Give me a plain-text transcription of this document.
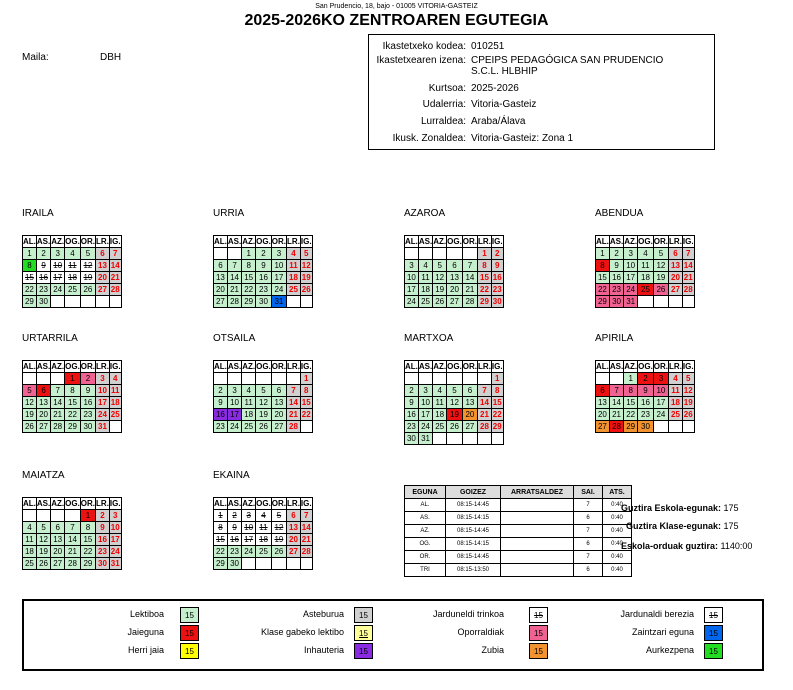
San Prudencio, 18, bajo - 01005 VITORIA-GASTEIZ
2025-2026KO ZENTROAREN EGUTEGIA
Maila:	DBH
Ikastetxeko kodea: 010251
Ikastetxearen izena: CPEIPS PEDAGÓGICA SAN PRUDENCIO
S.C.L. HLBHIP
Kurtsoa: 2025-2026
Udalerria: Vitoria-Gasteiz
Lurraldea: Araba/Álava
Ikusk. Zonaldea: Vitoria-Gasteiz: Zona 1
IRAILA
AL.	AS.	AZ.	OG.	OR.	LR.	IG.
1	2	3	4	5	6	7
8	9	10	11	12	13	14
15	16	17	18	19	20	21
22	23	24	25	26	27	28
29	30					
URRIA
AL.	AS.	AZ.	OG.	OR.	LR.	IG.
		1	2	3	4	5
6	7	8	9	10	11	12
13	14	15	16	17	18	19
20	21	22	23	24	25	26
27	28	29	30	31		
AZAROA
AL.	AS.	AZ.	OG.	OR.	LR.	IG.
					1	2
3	4	5	6	7	8	9
10	11	12	13	14	15	16
17	18	19	20	21	22	23
24	25	26	27	28	29	30
ABENDUA
AL.	AS.	AZ.	OG.	OR.	LR.	IG.
1	2	3	4	5	6	7
8	9	10	11	12	13	14
15	16	17	18	19	20	21
22	23	24	25	26	27	28
29	30	31				
URTARRILA
AL.	AS.	AZ.	OG.	OR.	LR.	IG.
			1	2	3	4
5	6	7	8	9	10	11
12	13	14	15	16	17	18
19	20	21	22	23	24	25
26	27	28	29	30	31	
OTSAILA
AL.	AS.	AZ.	OG.	OR.	LR.	IG.
						1
2	3	4	5	6	7	8
9	10	11	12	13	14	15
16	17	18	19	20	21	22
23	24	25	26	27	28	
MARTXOA
AL.	AS.	AZ.	OG.	OR.	LR.	IG.
						1
2	3	4	5	6	7	8
9	10	11	12	13	14	15
16	17	18	19	20	21	22
23	24	25	26	27	28	29
30	31					
APIRILA
AL.	AS.	AZ.	OG.	OR.	LR.	IG.
		1	2	3	4	5
6	7	8	9	10	11	12
13	14	15	16	17	18	19
20	21	22	23	24	25	26
27	28	29	30			
MAIATZA
AL.	AS.	AZ.	OG.	OR.	LR.	IG.
				1	2	3
4	5	6	7	8	9	10
11	12	13	14	15	16	17
18	19	20	21	22	23	24
25	26	27	28	29	30	31
EKAINA
AL.	AS.	AZ.	OG.	OR.	LR.	IG.
1	2	3	4	5	6	7
8	9	10	11	12	13	14
15	16	17	18	19	20	21
22	23	24	25	26	27	28
29	30					
EGUNA	GOIZEZ	ARRATSALDEZ	SAI.	ATS.
AL.	08:15-14:45		7	0:40
AS.	08:15-14:15		6	0:40
AZ.	08:15-14:45		7	0:40
OG.	08:15-14:15		6	0:40
OR.	08:15-14:45		7	0:40
TRI	08:15-13:50		6	0:40
Guztira Eskola-egunak: 175
Guztira Klase-egunak: 175
Eskola-orduak guztira: 1140:00
Lektiboa	15	Asteburua	15	Jarduneldi trinkoa	15	Jardunaldi berezia	15
Jaieguna	15	Klase gabeko lektibo	15	Oporraldiak	15	Zaintzari eguna	15
Herri jaia	15	Inhauteria	15	Zubia	15	Aurkezpena	15
